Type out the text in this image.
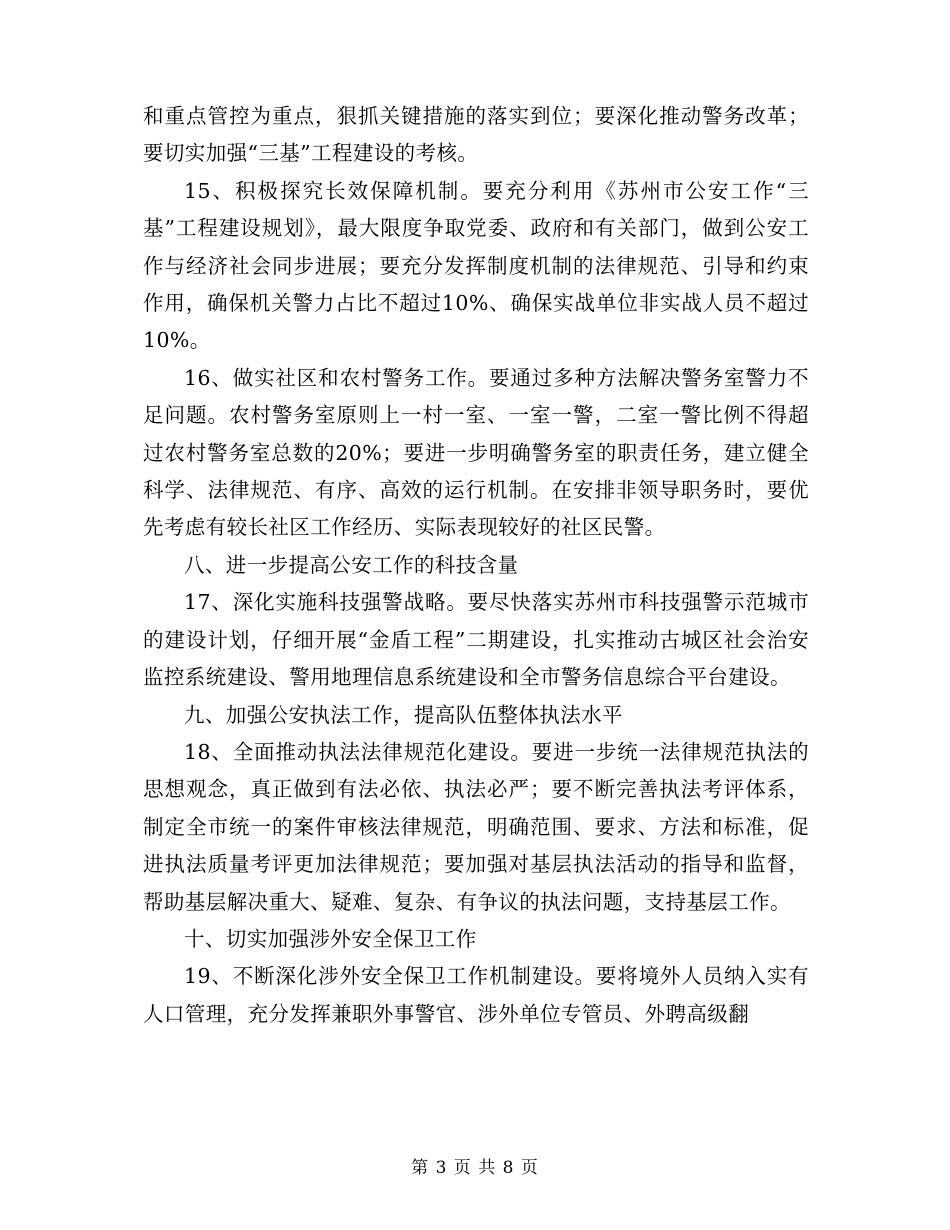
和重点管控为重点，狠抓关键措施的落实到位；要深化推动警务改革；要切实加强“三基”工程建设的考核。

15、积极探究长效保障机制。要充分利用《苏州市公安工作“三基”工程建设规划》，最大限度争取党委、政府和有关部门，做到公安工作与经济社会同步进展；要充分发挥制度机制的法律规范、引导和约束作用，确保机关警力占比不超过10%、确保实战单位非实战人员不超过10%。

16、做实社区和农村警务工作。要通过多种方法解决警务室警力不足问题。农村警务室原则上一村一室、一室一警，二室一警比例不得超过农村警务室总数的20%；要进一步明确警务室的职责任务，建立健全科学、法律规范、有序、高效的运行机制。在安排非领导职务时，要优先考虑有较长社区工作经历、实际表现较好的社区民警。

八、进一步提高公安工作的科技含量

17、深化实施科技强警战略。要尽快落实苏州市科技强警示范城市的建设计划，仔细开展“金盾工程”二期建设，扎实推动古城区社会治安监控系统建设、警用地理信息系统建设和全市警务信息综合平台建设。

九、加强公安执法工作，提高队伍整体执法水平

18、全面推动执法法律规范化建设。要进一步统一法律规范执法的思想观念，真正做到有法必依、执法必严；要不断完善执法考评体系，制定全市统一的案件审核法律规范，明确范围、要求、方法和标准，促进执法质量考评更加法律规范；要加强对基层执法活动的指导和监督，帮助基层解决重大、疑难、复杂、有争议的执法问题，支持基层工作。

十、切实加强涉外安全保卫工作

19、不断深化涉外安全保卫工作机制建设。要将境外人员纳入实有人口管理，充分发挥兼职外事警官、涉外单位专管员、外聘高级翻

第 3 页 共 8 页
